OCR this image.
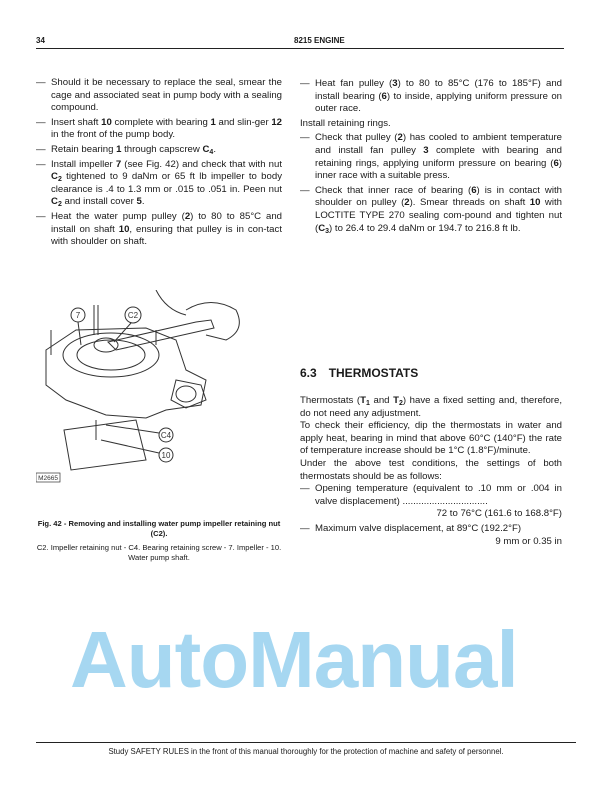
34	8215 ENGINE
— Should it be necessary to replace the seal, smear the cage and associated seat in pump body with a sealing compound.
— Insert shaft 10 complete with bearing 1 and slin-ger 12 in the front of the pump body.
— Retain bearing 1 through capscrew $C_4$.
— Install impeller 7 (see Fig. 42) and check that with nut $C_2$ tightened to 9 daNm or 65 ft lb impeller to body clearance is .4 to 1.3 mm or .015 to .051 in. Peen nut $C_2$ and install cover 5.
— Heat the water pump pulley (2) to 80 to 85°C and install on shaft 10, ensuring that pulley is in con-tact with shoulder on shaft.
7	C2
C4
10
M2665
Fig. 42 - Removing and installing water pump impeller retaining nut (C2).
C2. Impeller retaining nut - C4. Bearing retaining screw - 7. Impeller - 10. Water pump shaft.
— Heat fan pulley (3) to 80 to 85°C (176 to 185°F) and install bearing (6) to inside, applying uniform pressure on outer race.
Install retaining rings.
— Check that pulley (2) has cooled to ambient temperature and install fan pulley 3 complete with bearing and retaining rings, applying uniform pressure on bearing (6) inner race with a suitable press.
— Check that inner race of bearing (6) is in contact with shoulder on pulley (2). Smear threads on shaft 10 with LOCTITE TYPE 270 sealing com-pound and tighten nut $(C_3)$ to 26.4 to 29.4 daNm or 194.7 to 216.8 ft lb.
6.3 THERMOSTATS
Thermostats ($T_1$ and $T_2$) have a fixed setting and, therefore, do not need any adjustment.
To check their efficiency, dip the thermostats in water and apply heat, bearing in mind that above 60°C (140°F) the rate of temperature increase should be 1°C (1.8°F)/minute.
Under the above test conditions, the settings of both thermostats should be as follows:
— Opening temperature (equivalent to .10 mm or .004 in valve displacement) ................................
72 to 76°C (161.6 to 168.8°F)
— Maximum valve displacement, at 89°C (192.2°F)
9 mm or 0.35 in
Study SAFETY RULES in the front of this manual thoroughly for the protection of machine and safety of personnel.
AutoManual
